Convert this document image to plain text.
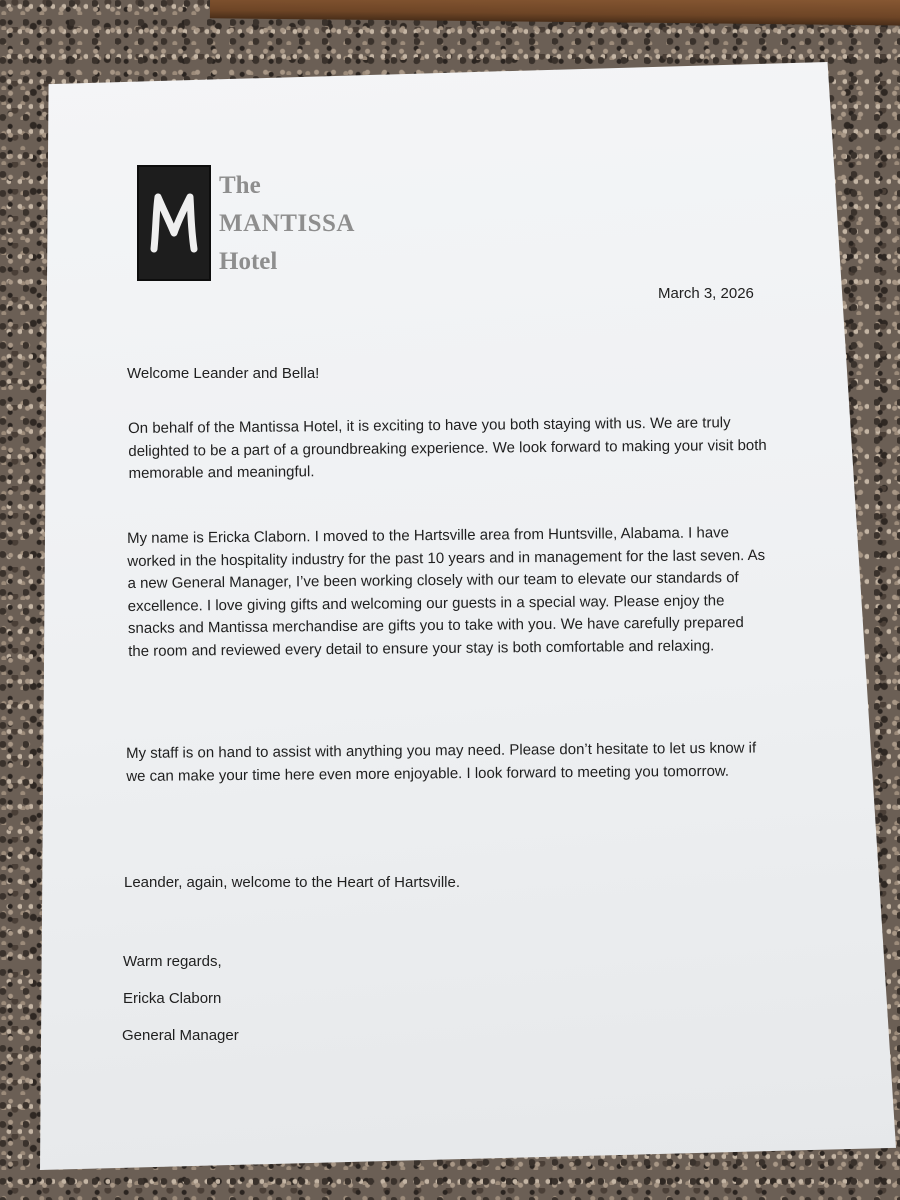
The
MANTISSA
Hotel
March 3, 2026

Welcome Leander and Bella!

On behalf of the Mantissa Hotel, it is exciting to have you both staying with us. We are truly delighted to be a part of a groundbreaking experience. We look forward to making your visit both memorable and meaningful.

My name is Ericka Claborn. I moved to the Hartsville area from Huntsville, Alabama. I have worked in the hospitality industry for the past 10 years and in management for the last seven. As a new General Manager, I’ve been working closely with our team to elevate our standards of excellence. I love giving gifts and welcoming our guests in a special way. Please enjoy the snacks and Mantissa merchandise are gifts you to take with you. We have carefully prepared the room and reviewed every detail to ensure your stay is both comfortable and relaxing.

My staff is on hand to assist with anything you may need. Please don’t hesitate to let us know if we can make your time here even more enjoyable. I look forward to meeting you tomorrow.

Leander, again, welcome to the Heart of Hartsville.

Warm regards,

Ericka Claborn

General Manager
